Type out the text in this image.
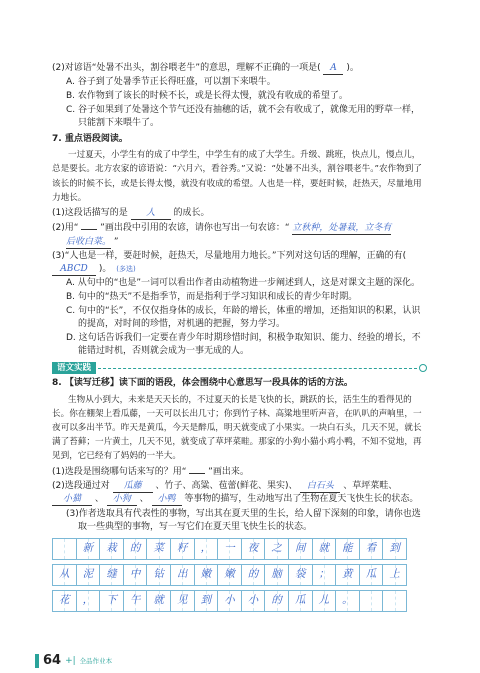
(2)对谚语“处暑不出头，割谷喂老牛”的意思，理解不正确的一项是( A )。

A. 谷子到了处暑季节正长得旺盛，可以割下来喂牛。

B. 农作物到了该长的时候不长，或是长得太慢，就没有收成的希望了。

C. 谷子如果到了处暑这个节气还没有抽穗的话，就不会有收成了，就像无用的野草一样，只能割下来喂牛了。

7. 重点语段阅读。

一过夏天，小学生有的成了中学生，中学生有的成了大学生。升级、跳班，快点儿，慢点儿，总是要长。北方农家的谚语说：“六月六，看谷秀。”又说：“处暑不出头，割谷喂老牛。”农作物到了该长的时候不长，或是长得太慢，就没有收成的希望。人也是一样，要赶时候，赶热天，尽量地用力地长。

(1)这段话描写的是 人 的成长。

(2)用“ ”画出段中引用的农谚，请你也写出一句农谚：“ 立秋种，处暑栽，立冬有

后收白菜。 ”

(3)“人也是一样，要赶时候，赶热天，尽量地用力地长。”下列对这句话的理解，正确的有( ABCD )。 (多选)

A. 从句中的“也是”一词可以看出作者由动植物进一步阐述到人，这是对课文主题的深化。

B. 句中的“热天”不是指季节，而是指利于学习知识和成长的青少年时期。

C. 句中的“长”，不仅仅指身体的成长，年龄的增长，体重的增加，还指知识的积累，认识的提高，对时间的珍惜，对机遇的把握，努力学习。

D. 这句话告诉我们一定要在青少年时期珍惜时间，积极争取知识、能力、经验的增长，不能错过时机，否则就会成为一事无成的人。

语文实践

8. 【读写迁移】读下面的语段，体会围绕中心意思写一段具体的话的方法。

生物从小到大，未来是天天长的，不过夏天的长是飞快的长，跳跃的长，活生生的看得见的长。你在棚架上看瓜藤，一天可以长出几寸；你到竹子林、高粱地里听声音，在叭叭的声响里，一夜可以多出半节。昨天是黄瓜，今天是醉瓜，明天就变成了小果实。一块白石头，几天不见，就长满了苔藓；一片黄土，几天不见，就变成了草坪菜畦。那家的小狗小猫小鸡小鸭，不知不觉地，再见到，它已经有了妈妈的一半大。

(1)选段是围绕哪句话来写的？用“ ”画出来。

(2)选段通过对 瓜藤 、竹子、高粱、苞蕾(鲜花、果实)、 白石头 、草坪菜畦、 小猫 、 小狗 、 小鸭 等事物的描写，生动地写出了生物在夏天飞快生长的状态。

(3)作者选取具有代表性的事物，写出其在夏天里的生长，给人留下深刻的印象，请你也选取一些典型的事物，写一写它们在夏天里飞快生长的状态。

新 栽 的 菜 籽 ， 一 夜 之 间 就 能 看 到
从 泥 缝 中 钻 出 嫩 嫩 的 脑 袋 ； 黄 瓜 上
花 ， 下 午 就 见 到 小 小 的 瓜 儿 。
64 +| 全品作业本
